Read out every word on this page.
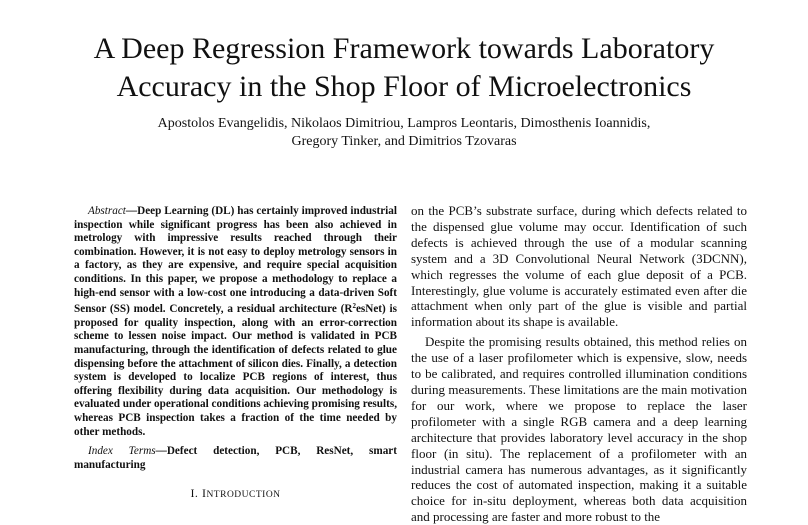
A Deep Regression Framework towards Laboratory
Accuracy in the Shop Floor of Microelectronics
Apostolos Evangelidis, Nikolaos Dimitriou, Lampros Leontaris, Dimosthenis Ioannidis,
Gregory Tinker, and Dimitrios Tzovaras

Abstract—Deep Learning (DL) has certainly improved industrial inspection while significant progress has been also achieved in metrology with impressive results reached through their combination. However, it is not easy to deploy metrology sensors in a factory, as they are expensive, and require special acquisition conditions. In this paper, we propose a methodology to replace a high-end sensor with a low-cost one introducing a data-driven Soft Sensor (SS) model. Concretely, a residual architecture $(R^2esNet)$ is proposed for quality inspection, along with an error-correction scheme to lessen noise impact. Our method is validated in PCB manufacturing, through the identification of defects related to glue dispensing before the attachment of silicon dies. Finally, a detection system is developed to localize PCB regions of interest, thus offering flexibility during data acquisition. Our methodology is evaluated under operational conditions achieving promising results, whereas PCB inspection takes a fraction of the time needed by other methods.

Index Terms—Defect detection, PCB, ResNet, smart manufacturing

I. INTRODUCTION

on the PCB’s substrate surface, during which defects related to the dispensed glue volume may occur. Identification of such defects is achieved through the use of a modular scanning system and a 3D Convolutional Neural Network (3DCNN), which regresses the volume of each glue deposit of a PCB. Interestingly, glue volume is accurately estimated even after die attachment when only part of the glue is visible and partial information about its shape is available.

Despite the promising results obtained, this method relies on the use of a laser profilometer which is expensive, slow, needs to be calibrated, and requires controlled illumination conditions during measurements. These limitations are the main motivation for our work, where we propose to replace the laser profilometer with a single RGB camera and a deep learning architecture that provides laboratory level accuracy in the shop floor (in situ). The replacement of a profilometer with an industrial camera has numerous advantages, as it significantly reduces the cost of automated inspection, making it a suitable choice for in-situ deployment, whereas both data acquisition and processing are faster and more robust to the
